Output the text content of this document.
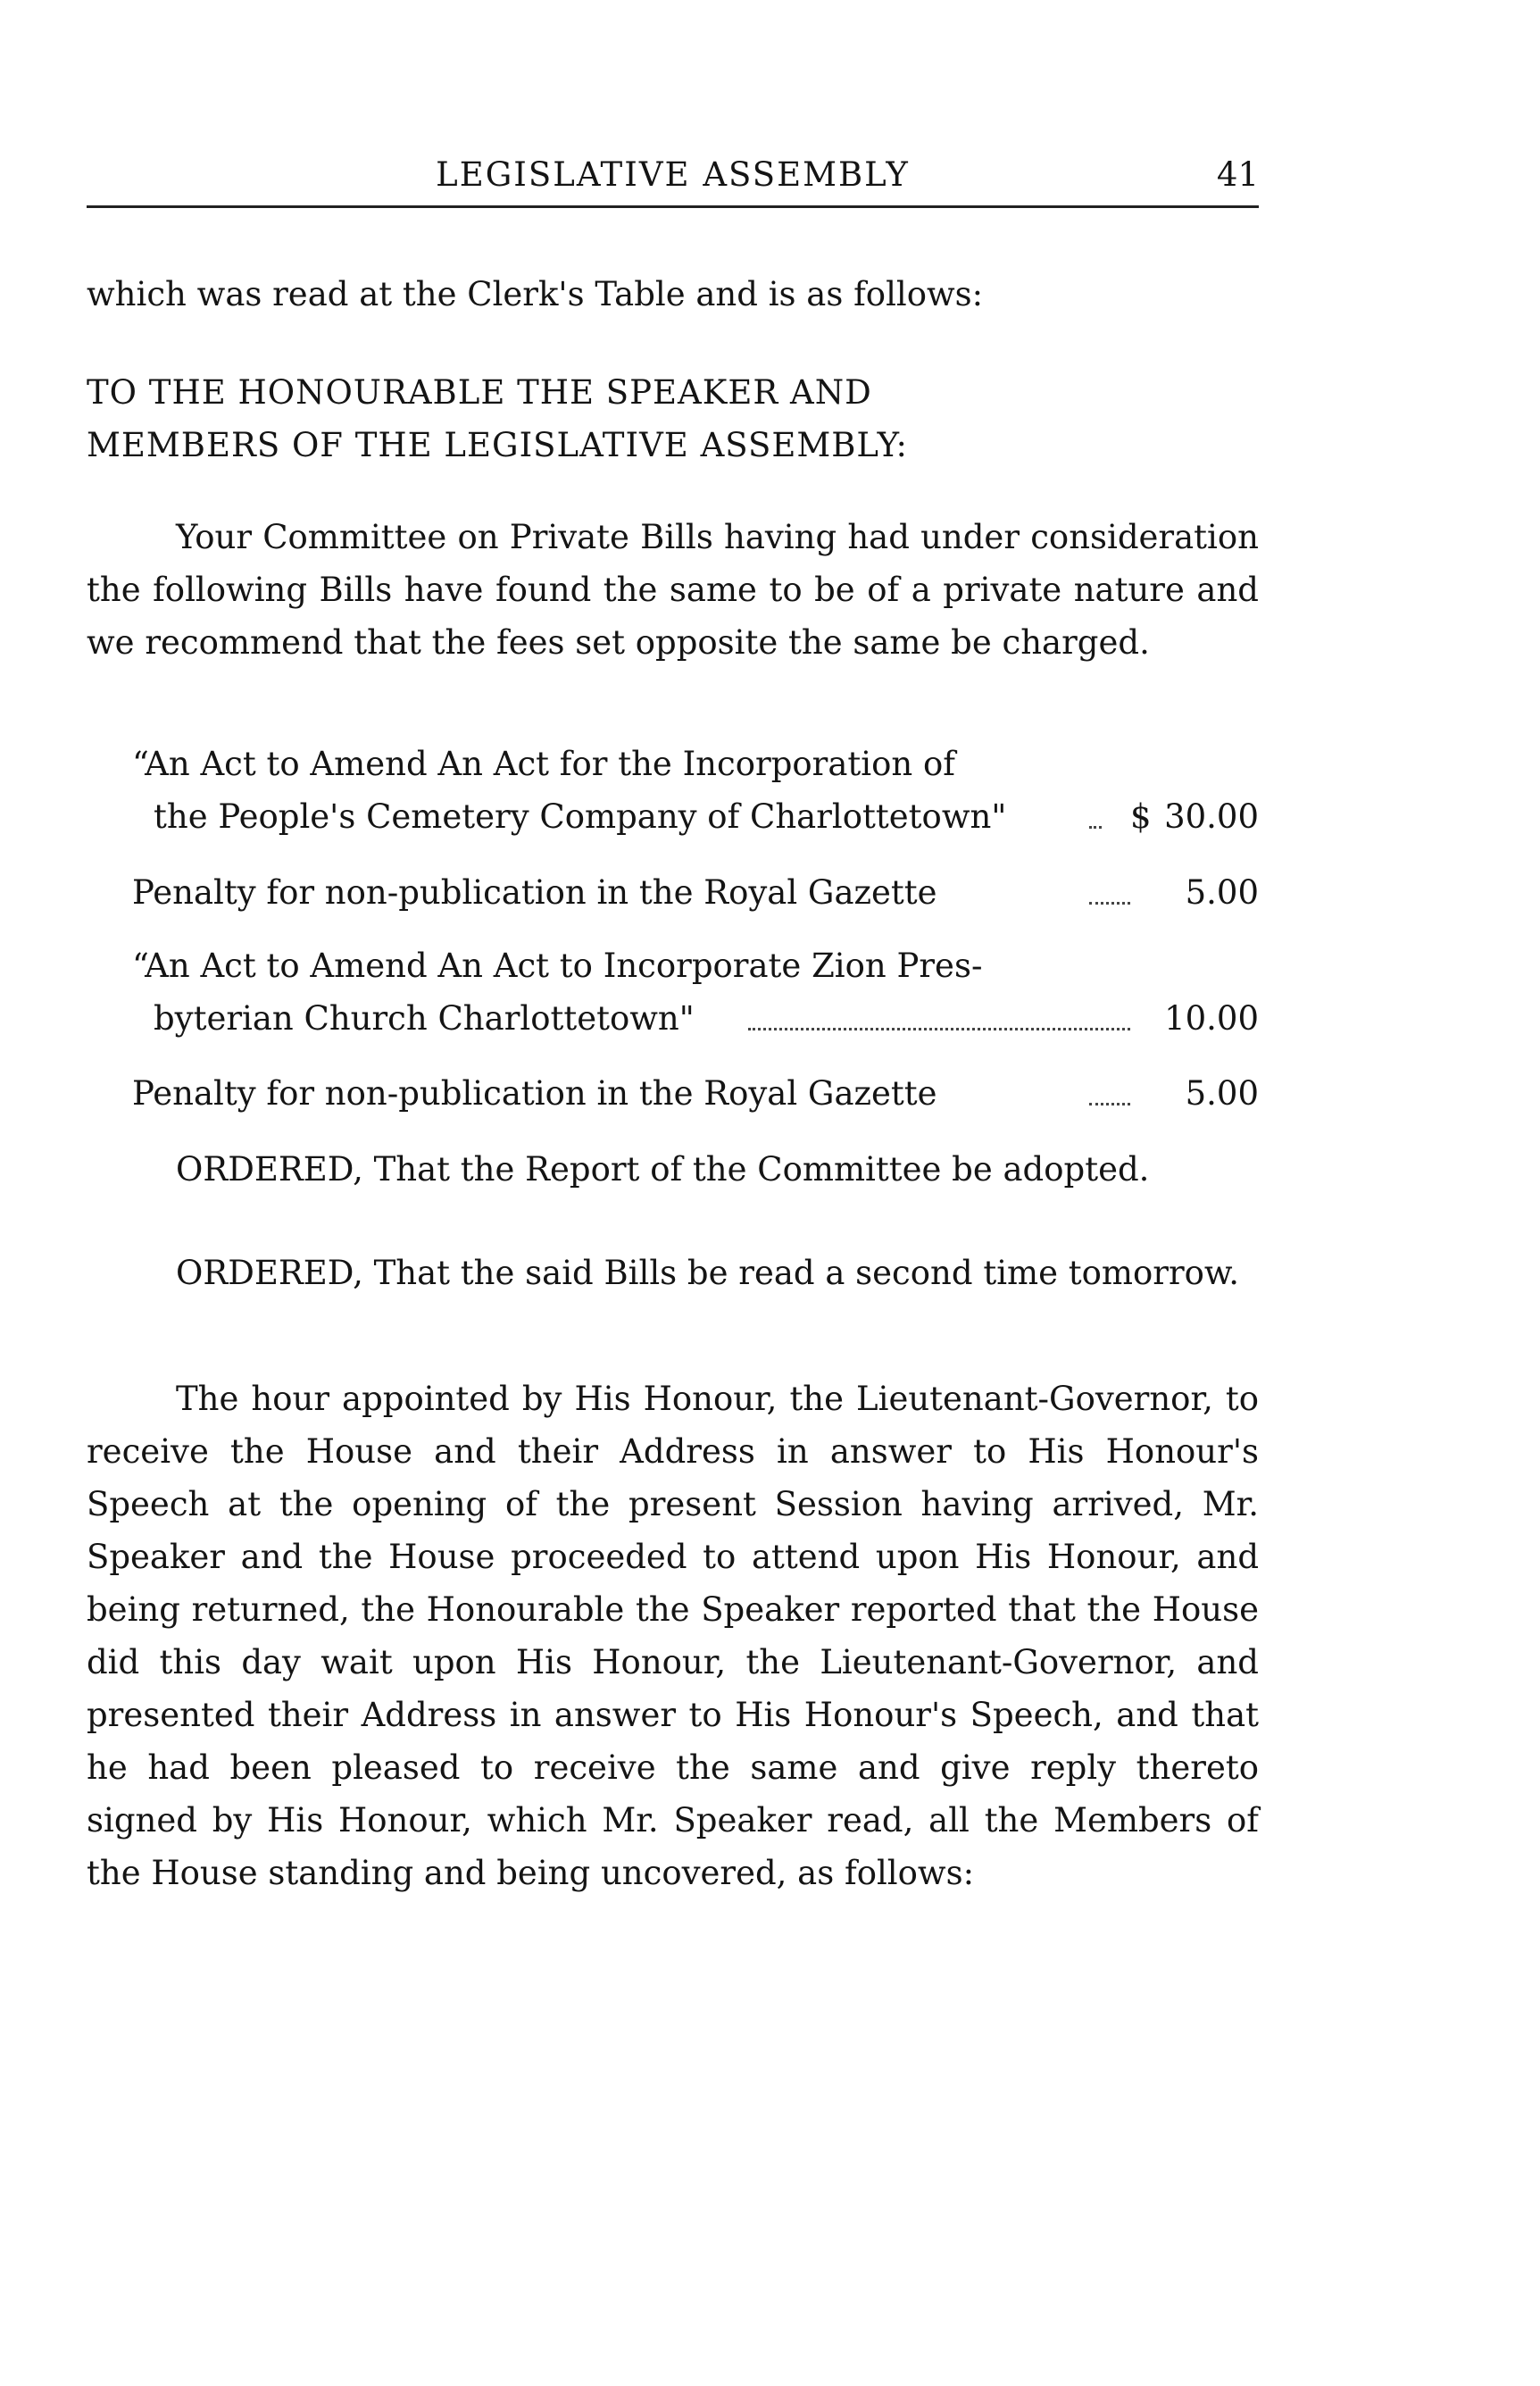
LEGISLATIVE ASSEMBLY	41
which was read at the Clerk's Table and is as follows:
TO THE HONOURABLE THE SPEAKER AND
MEMBERS OF THE LEGISLATIVE ASSEMBLY:
Your Committee on Private Bills having had under consideration the following Bills have found the same to be of a private nature and we recommend that the fees set opposite the same be charged.
“An Act to Amend An Act for the Incorporation of
the People's Cemetery Company of Charlottetown"	$ 30.00
Penalty for non-publication in the Royal Gazette	5.00
“An Act to Amend An Act to Incorporate Zion Pres-
byterian Church Charlottetown"	10.00
Penalty for non-publication in the Royal Gazette	5.00
ORDERED, That the Report of the Committee be adopted.
ORDERED, That the said Bills be read a second time tomorrow.
The hour appointed by His Honour, the Lieutenant-Governor, to receive the House and their Address in answer to His Honour's Speech at the opening of the present Session having arrived, Mr. Speaker and the House proceeded to attend upon His Honour, and being returned, the Honourable the Speaker reported that the House did this day wait upon His Honour, the Lieutenant-Governor, and presented their Address in answer to His Honour's Speech, and that he had been pleased to receive the same and give reply thereto signed by His Honour, which Mr. Speaker read, all the Members of the House standing and being uncovered, as follows:
